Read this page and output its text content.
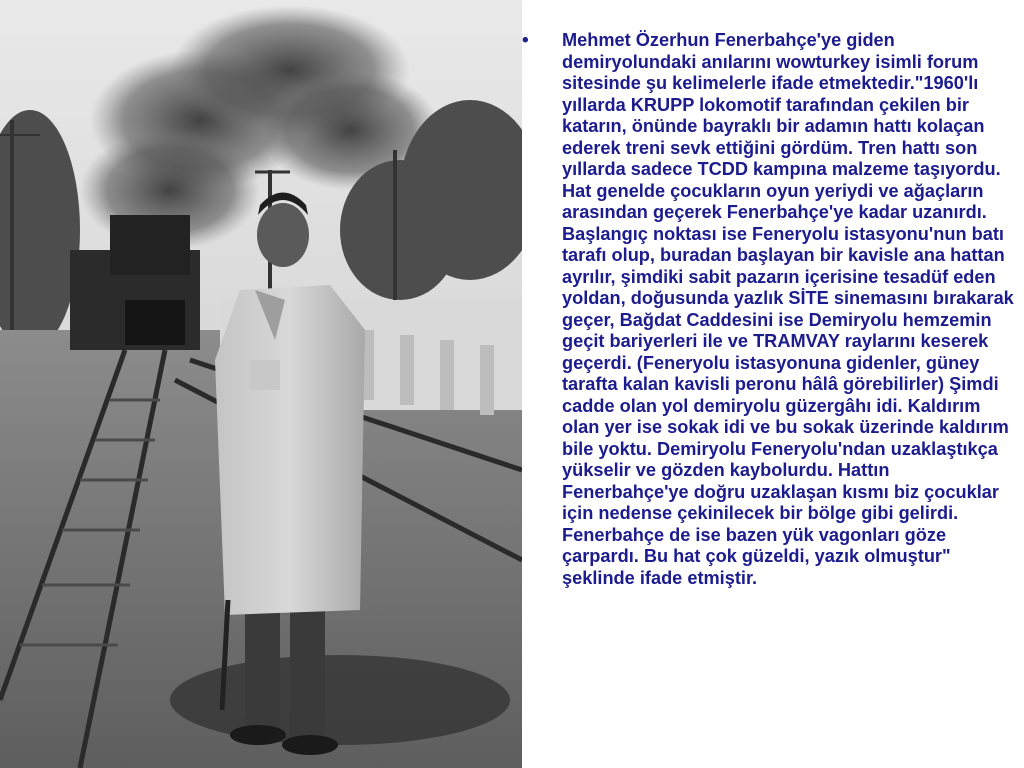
• Mehmet Özerhun Fenerbahçe'ye giden demiryolundaki anılarını wowturkey isimli forum sitesinde şu kelimelerle ifade etmektedir."1960'lı yıllarda KRUPP lokomotif tarafından çekilen bir katarın, önünde bayraklı bir adamın hattı kolaçan ederek treni sevk ettiğini gördüm. Tren hattı son yıllarda sadece TCDD kampına malzeme taşıyordu. Hat genelde çocukların oyun yeriydi ve ağaçların arasından geçerek Fenerbahçe'ye kadar uzanırdı. Başlangıç noktası ise Feneryolu istasyonu'nun batı tarafı olup, buradan başlayan bir kavisle ana hattan ayrılır, şimdiki sabit pazarın içerisine tesadüf eden yoldan, doğusunda yazlık SİTE sinemasını bırakarak geçer, Bağdat Caddesini ise Demiryolu hemzemin geçit bariyerleri ile ve TRAMVAY raylarını keserek geçerdi. (Feneryolu istasyonuna gidenler, güney tarafta kalan kavisli peronu hâlâ görebilirler) Şimdi cadde olan yol demiryolu güzergâhı idi. Kaldırım olan yer ise sokak idi ve bu sokak üzerinde kaldırım bile yoktu. Demiryolu Feneryolu'ndan uzaklaştıkça yükselir ve gözden kaybolurdu. Hattın Fenerbahçe'ye doğru uzaklaşan kısmı biz çocuklar için nedense çekinilecek bir bölge gibi gelirdi. Fenerbahçe de ise bazen yük vagonları göze çarpardı. Bu hat çok güzeldi, yazık olmuştur" şeklinde ifade etmiştir.
